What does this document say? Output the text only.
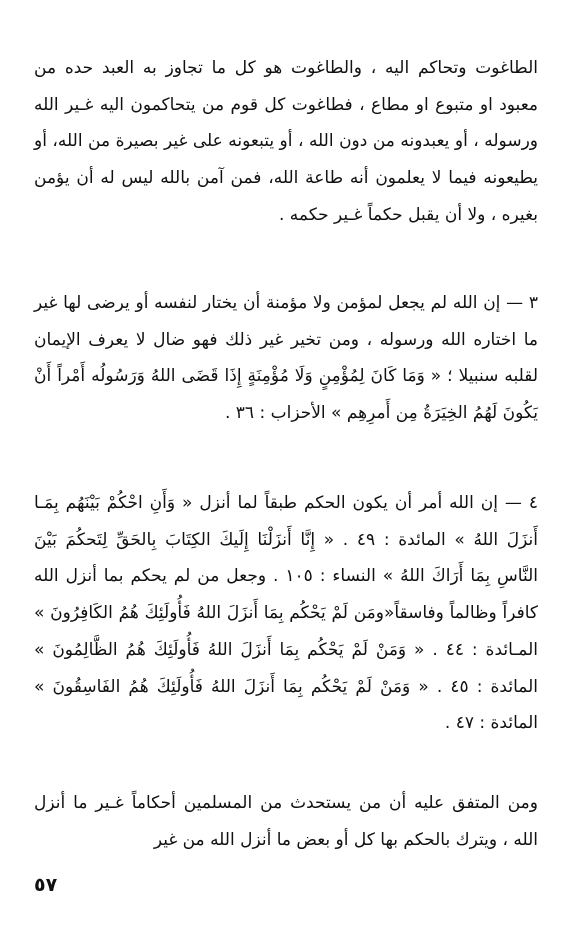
الطاغوت وتحاكم اليه ، والطاغوت هو كل ما تجاوز به العبد حده من معبود او متبوع او مطاع ، فطاغوت كل قوم من يتحاكمون اليه غـير الله ورسوله ، أو يعبدونه من دون الله ، أو يتبعونه على غير بصيرة من الله، أو يطيعونه فيما لا يعلمون أنه طاعة الله، فمن آمن بالله ليس له أن يؤمن بغيره ، ولا أن يقبل حكماً غـير حكمه .

٣ — إن الله لم يجعل لمؤمن ولا مؤمنة أن يختار لنفسه أو يرضى لها غير ما اختاره الله ورسوله ، ومن تخير غير ذلك فهو ضال لا يعرف الإيمان لقلبه سنبيلا ؛ « وَمَا كَانَ لِمُؤْمِنٍ وَلَا مُؤْمِنَةٍ إِذَا قَضَى اللهُ وَرَسُولُه أَمْراً أَنْ يَكُونَ لَهُمُ الخِيَرَةُ مِن أَمرِهِم » الأحزاب : ٣٦ .

٤ — إن الله أمر أن يكون الحكم طبقاً لما أنزل « وَأَنِ احْكُمْ بَيْنَهُم بِمَـا أَنزَلَ اللهُ » المائدة : ٤٩ . « إِنَّا أَنزَلْنَا إِلَيكَ الكِتَابَ بِالحَقِّ لِتَحكُمَ بَيْنَ النَّاسِ بِمَا أَرَاكَ اللهُ » النساء : ١٠٥ . وجعل من لم يحكم بما أنزل الله كافراً وظالماً وفاسقاً«ومَن لَمْ يَحْكُم بِمَا أَنزَلَ اللهُ فَأُولَئِكَ هُمُ الكَافِرُونَ » المـائدة : ٤٤ . « وَمَنْ لَمْ يَحْكُم بِمَا أَنزَلَ اللهُ فَأُولَئِكَ هُمُ الظَّالِمُونَ » المائدة : ٤٥ . « وَمَنْ لَمْ يَحْكُم بِمَا أَنزَلَ اللهُ فَأُولَئِكَ هُمُ الفَاسِقُونَ » المائدة : ٤٧ .

ومن المتفق عليه أن من يستحدث من المسلمين أحكاماً غـير ما أنزل الله ، ويترك بالحكم بها كل أو بعض ما أنزل الله من غير

٥٧
